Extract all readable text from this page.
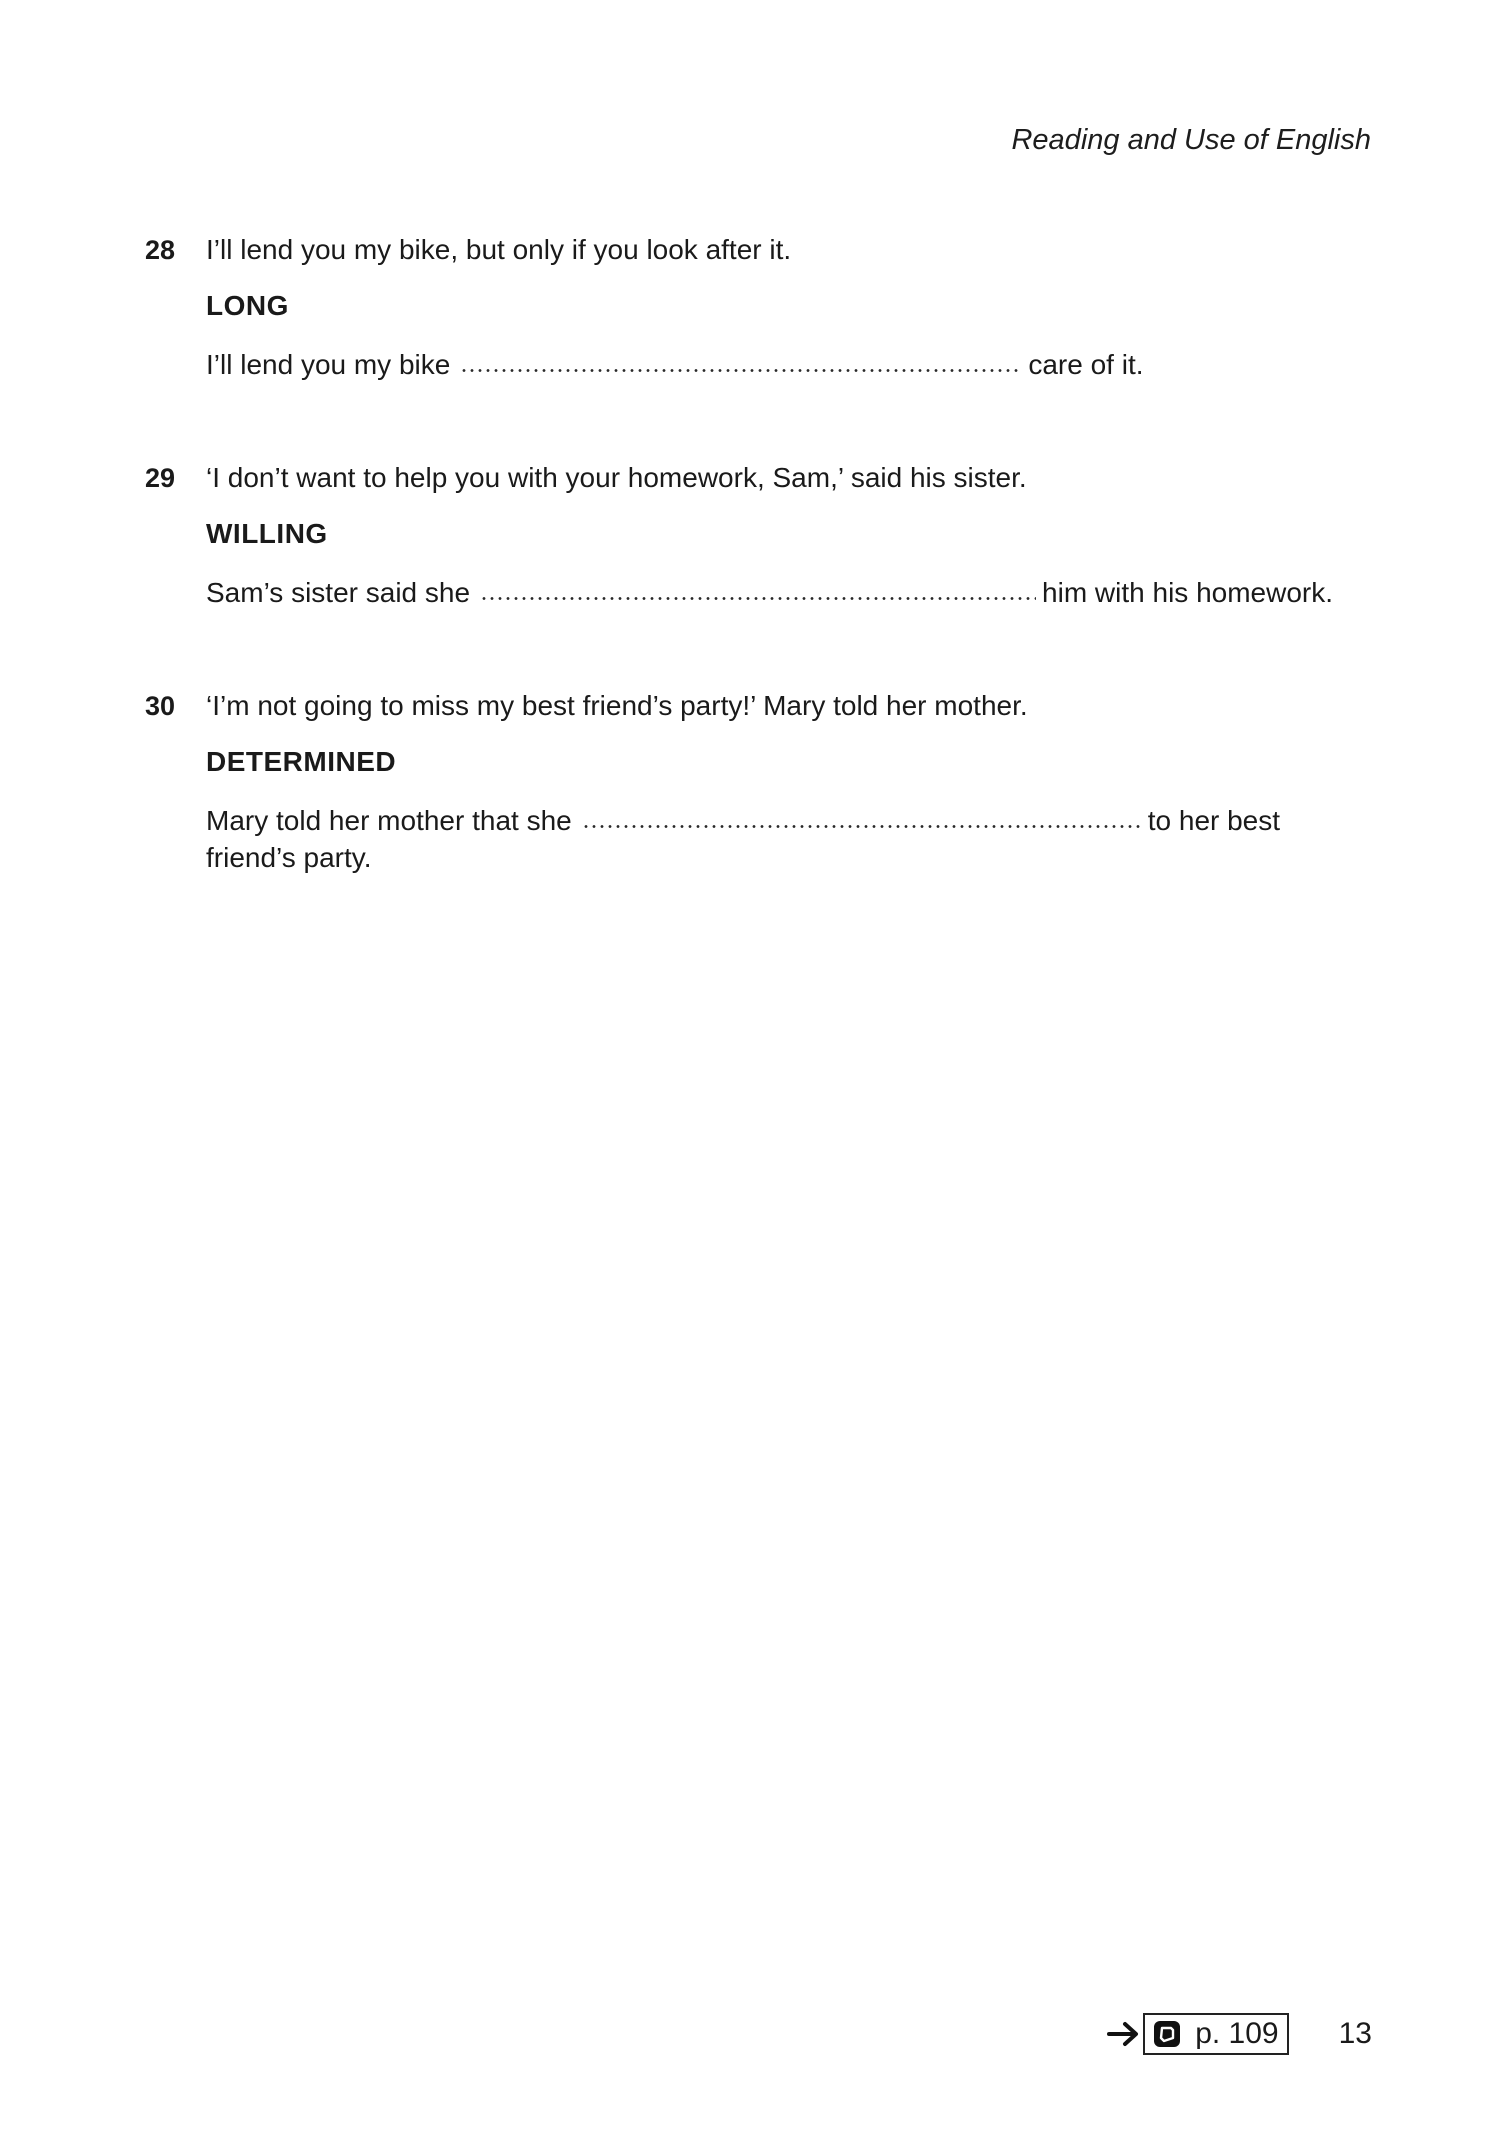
Reading and Use of English
28 I’ll lend you my bike, but only if you look after it.
LONG
I’ll lend you my bike	care of it.
29 ‘I don’t want to help you with your homework, Sam,’ said his sister.
WILLING
Sam’s sister said she	him with his homework.
30 ‘I’m not going to miss my best friend’s party!’ Mary told her mother.
DETERMINED
Mary told her mother that she	to her best
friend’s party.
p. 109 13
